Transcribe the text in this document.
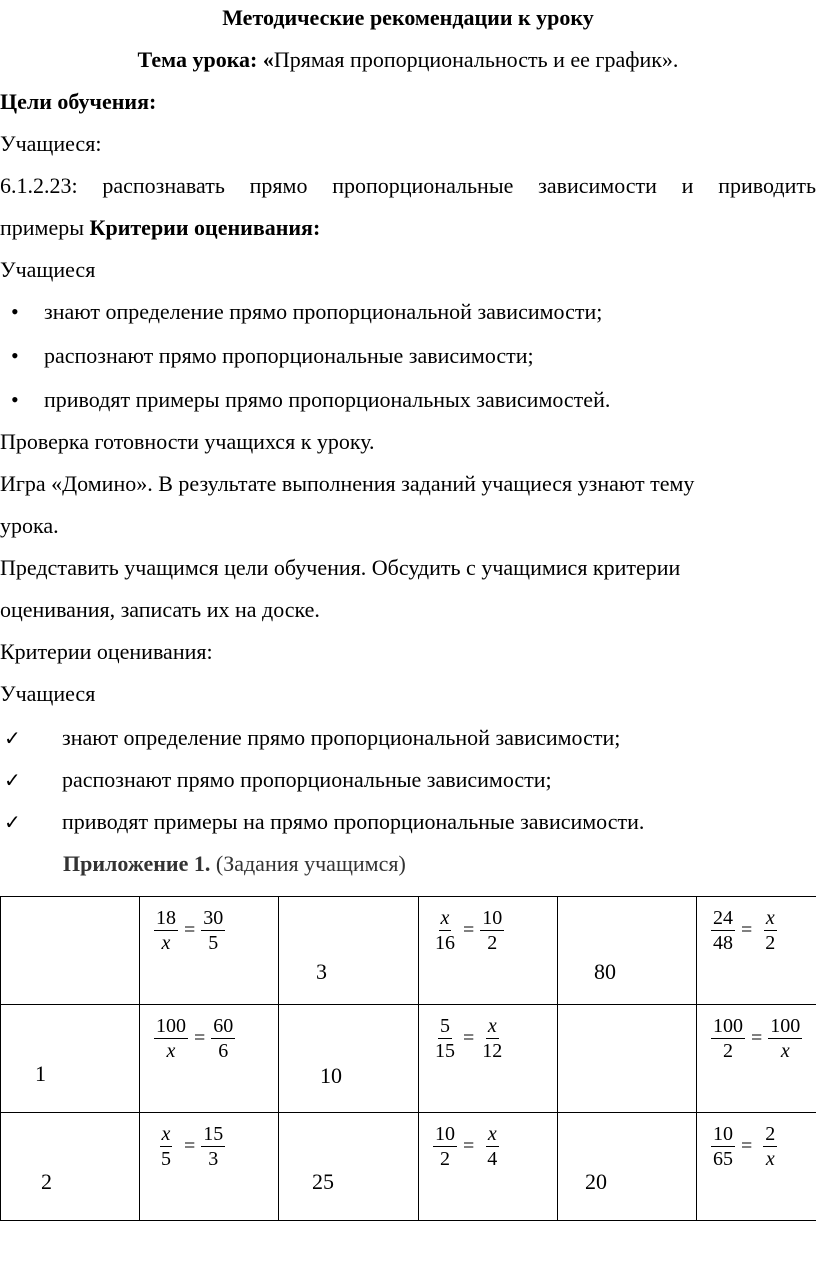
Методические рекомендации к уроку
Тема урока: «Прямая пропорциональность и ее график».
Цели обучения:
Учащиеся:
6.1.2.23: распознавать прямо пропорциональные зависимости и приводить
примеры Критерии оценивания:
Учащиеся
• знают определение прямо пропорциональной зависимости;
• распознают прямо пропорциональные зависимости;
• приводят примеры прямо пропорциональных зависимостей.
Проверка готовности учащихся к уроку.
Игра «Домино». В результате выполнения заданий учащиеся узнают тему
урока.
Представить учащимся цели обучения. Обсудить с учащимися критерии
оценивания, записать их на доске.
Критерии оценивания:
Учащиеся
✓ знают определение прямо пропорциональной зависимости;
✓ распознают прямо пропорциональные зависимости;
✓ приводят примеры на прямо пропорциональные зависимости.
Приложение 1. (Задания учащимся)

	$\frac{18}{x} = \frac{30}{5}$	3	$\frac{x}{16} = \frac{10}{2}$	80	$\frac{24}{48} = \frac{x}{2}$

1	$\frac{100}{x} = \frac{60}{6}$	10	$\frac{5}{15} = \frac{x}{12}$		$\frac{100}{2} = \frac{100}{x}$

2	$\frac{x}{5} = \frac{15}{3}$	25	$\frac{10}{2} = \frac{x}{4}$	20	$\frac{10}{65} = \frac{2}{x}$
